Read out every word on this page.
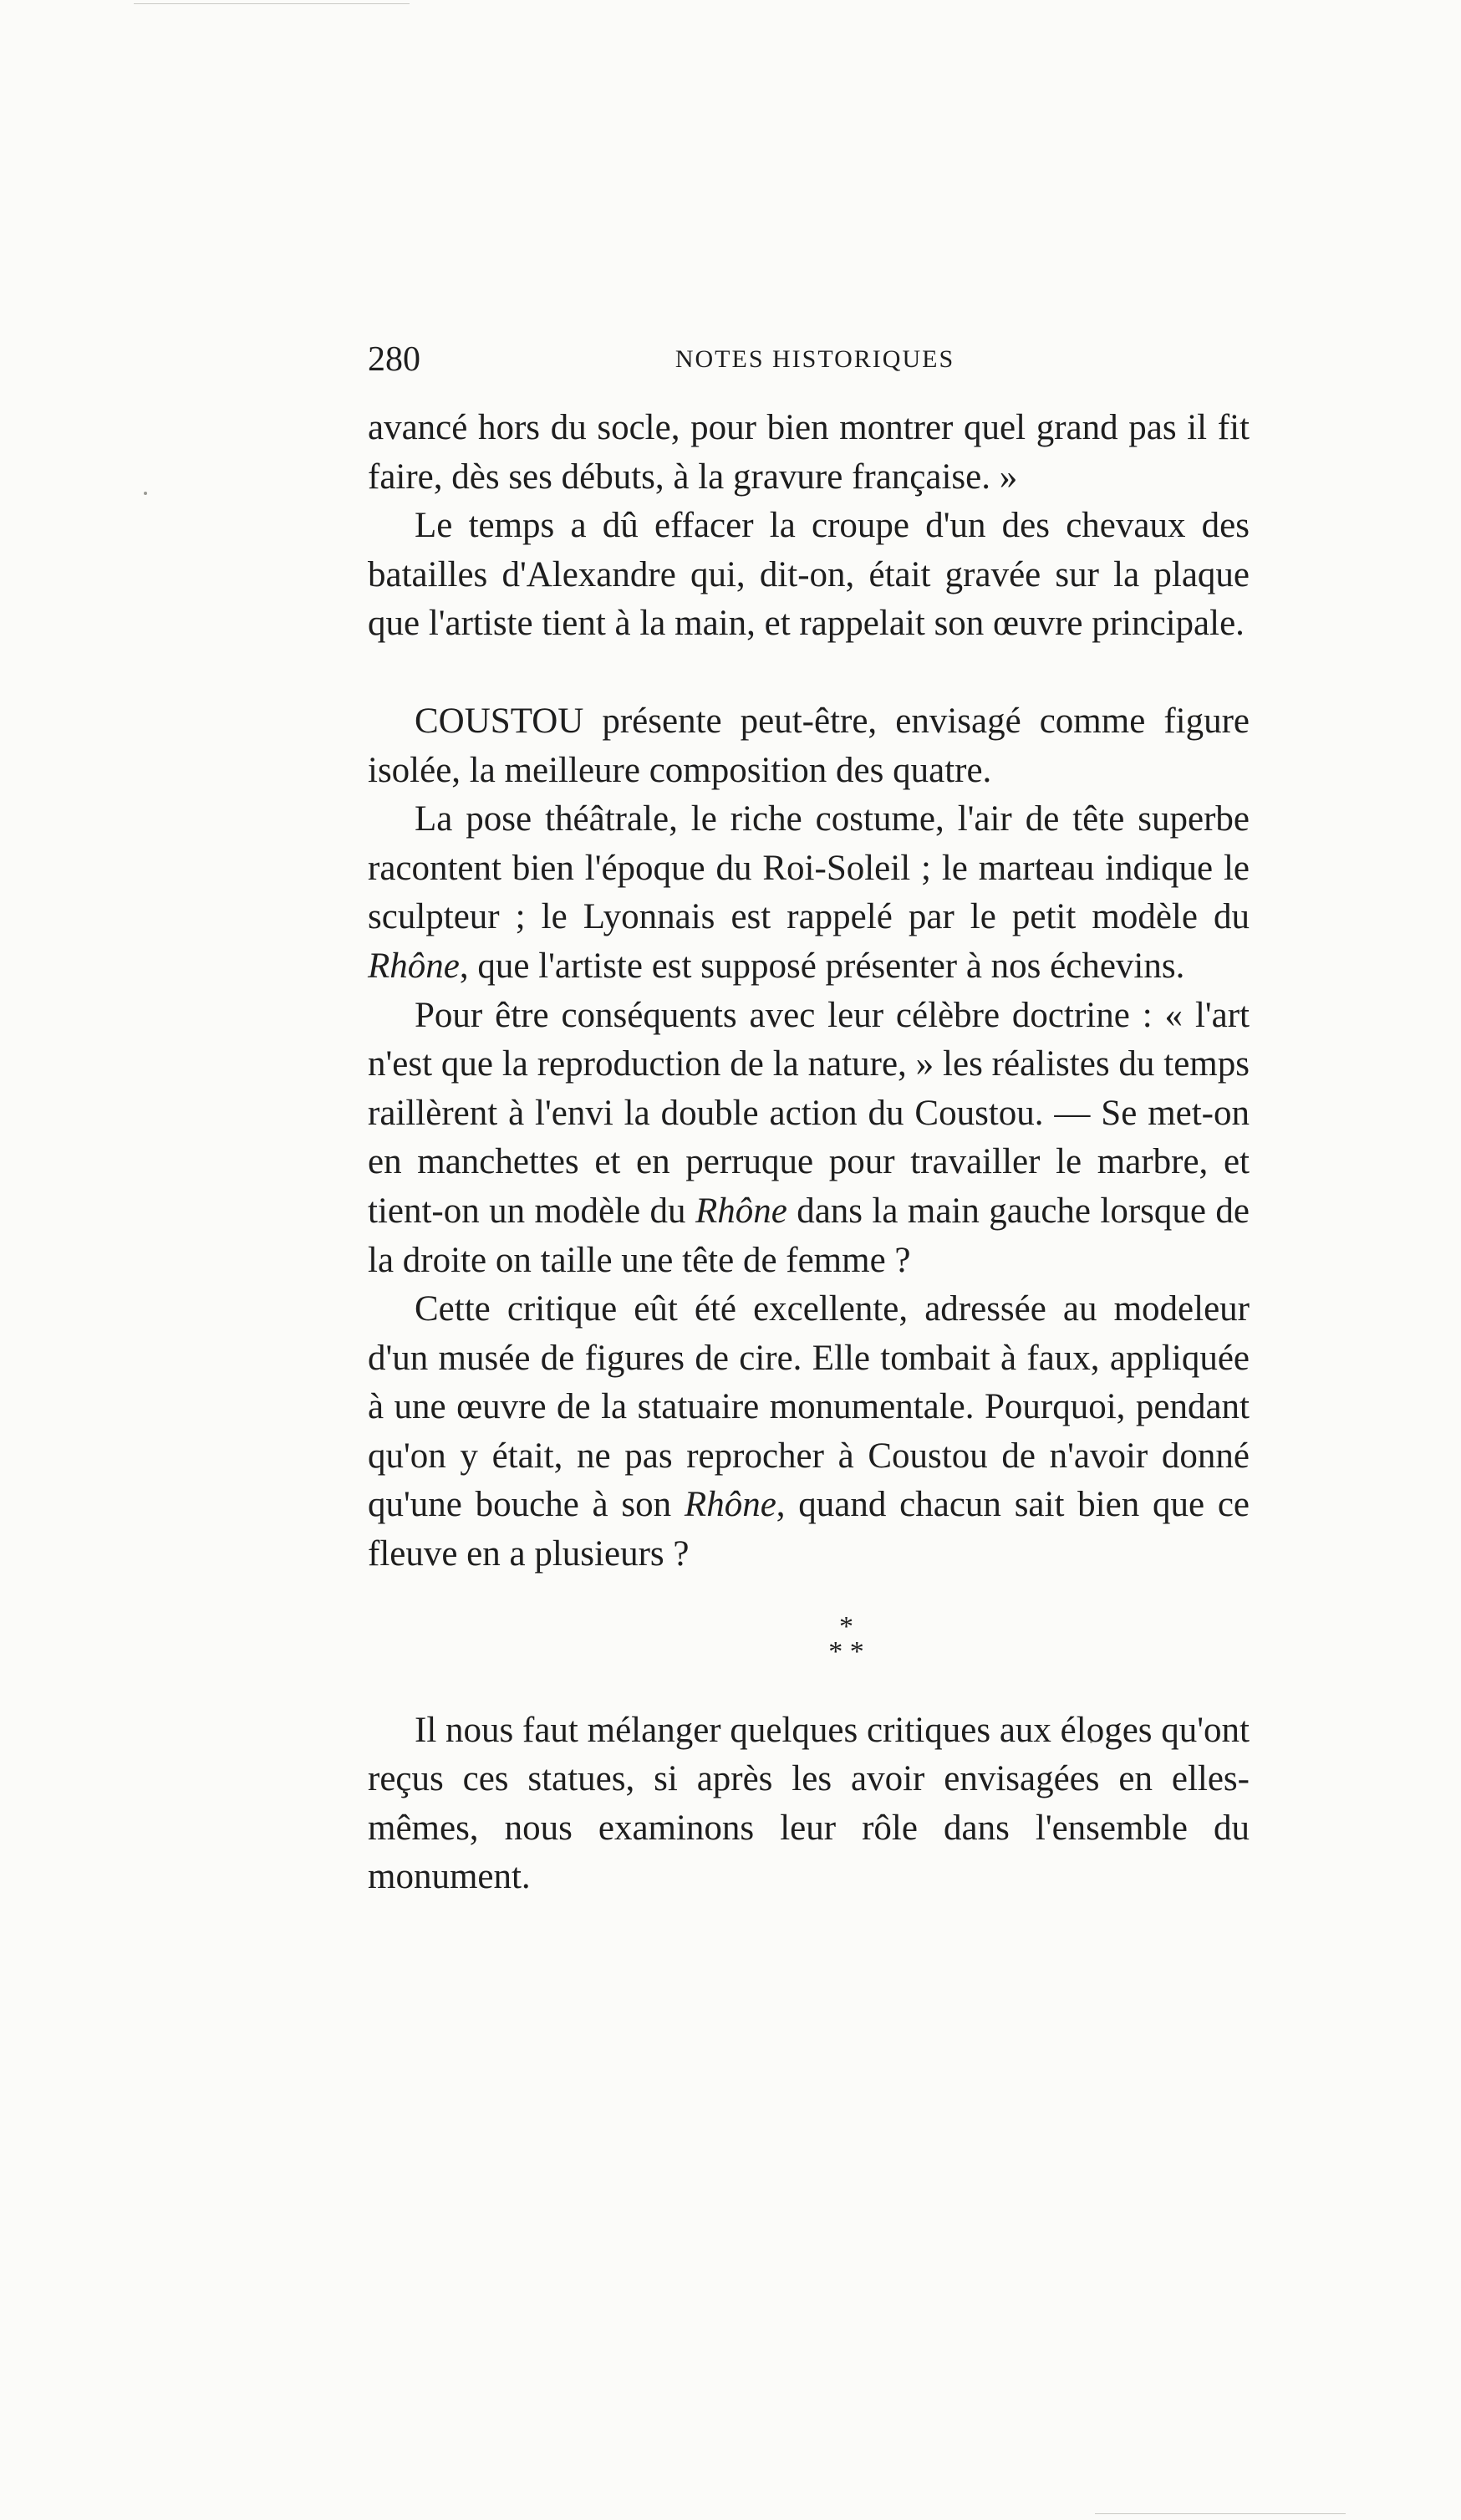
280	NOTES HISTORIQUES

avancé hors du socle, pour bien montrer quel grand pas il fit faire, dès ses débuts, à la gravure française. »

Le temps a dû effacer la croupe d'un des chevaux des batailles d'Alexandre qui, dit-on, était gravée sur la plaque que l'artiste tient à la main, et rappelait son œuvre principale.

COUSTOU présente peut-être, envisagé comme figure isolée, la meilleure composition des quatre.

La pose théâtrale, le riche costume, l'air de tête superbe racontent bien l'époque du Roi-Soleil ; le marteau indique le sculpteur ; le Lyonnais est rappelé par le petit modèle du Rhône, que l'artiste est supposé présenter à nos échevins.

Pour être conséquents avec leur célèbre doctrine : « l'art n'est que la reproduction de la nature, » les réalistes du temps raillèrent à l'envi la double action du Coustou. — Se met-on en manchettes et en perruque pour travailler le marbre, et tient-on un modèle du Rhône dans la main gauche lorsque de la droite on taille une tête de femme ?

Cette critique eût été excellente, adressée au modeleur d'un musée de figures de cire. Elle tombait à faux, appliquée à une œuvre de la statuaire monumentale. Pourquoi, pendant qu'on y était, ne pas reprocher à Coustou de n'avoir donné qu'une bouche à son Rhône, quand chacun sait bien que ce fleuve en a plusieurs ?

*
* *

Il nous faut mélanger quelques critiques aux éloges qu'ont reçus ces statues, si après les avoir envisagées en elles-mêmes, nous examinons leur rôle dans l'ensemble du monument.
